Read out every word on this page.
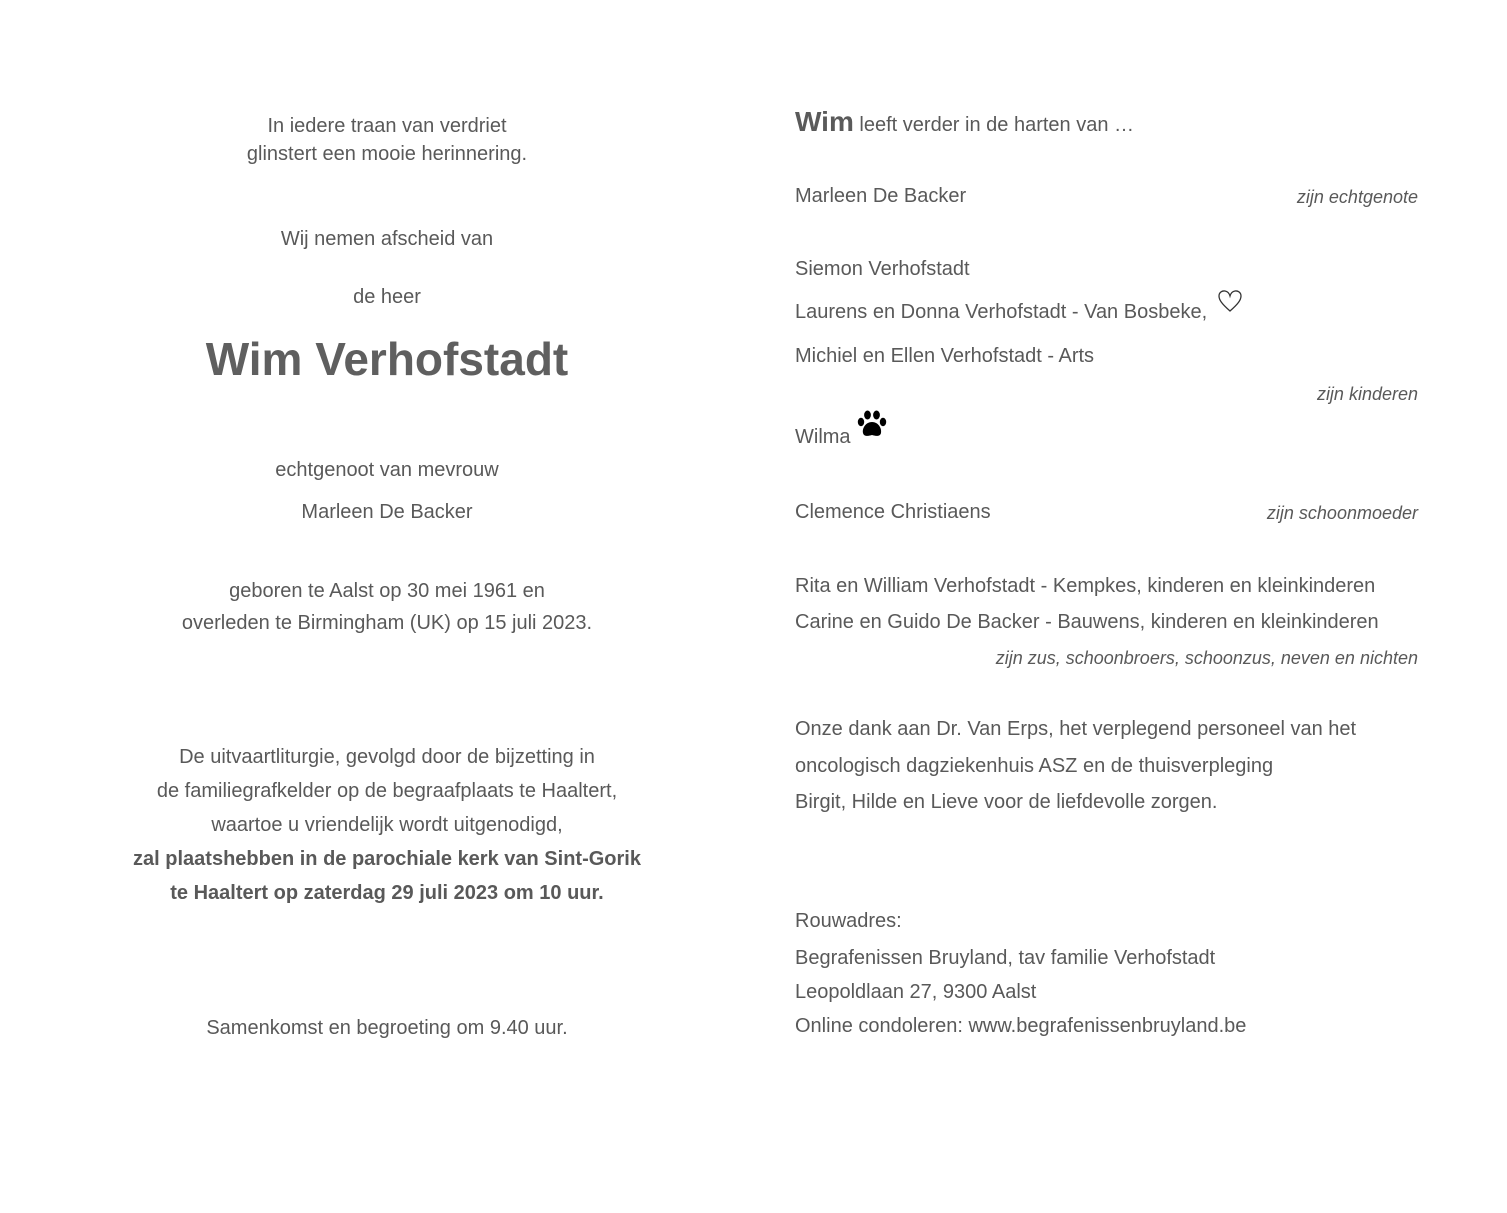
In iedere traan van verdriet
glinstert een mooie herinnering.
Wij nemen afscheid van
de heer
Wim Verhofstadt
echtgenoot van mevrouw
Marleen De Backer
geboren te Aalst op 30 mei 1961 en
overleden te Birmingham (UK) op 15 juli 2023.
De uitvaartliturgie, gevolgd door de bijzetting in
de familiegrafkelder op de begraafplaats te Haaltert,
waartoe u vriendelijk wordt uitgenodigd,
zal plaatshebben in de parochiale kerk van Sint-Gorik
te Haaltert op zaterdag 29 juli 2023 om 10 uur.
Samenkomst en begroeting om 9.40 uur.
Wim leeft verder in de harten van …
Marleen De Backer	zijn echtgenote
Siemon Verhofstadt
Laurens en Donna Verhofstadt - Van Bosbeke,
Michiel en Ellen Verhofstadt - Arts
zijn kinderen
Wilma
Clemence Christiaens	zijn schoonmoeder
Rita en William Verhofstadt - Kempkes, kinderen en kleinkinderen
Carine en Guido De Backer - Bauwens, kinderen en kleinkinderen
zijn zus, schoonbroers, schoonzus, neven en nichten
Onze dank aan Dr. Van Erps, het verplegend personeel van het
oncologisch dagziekenhuis ASZ en de thuisverpleging
Birgit, Hilde en Lieve voor de liefdevolle zorgen.
Rouwadres:
Begrafenissen Bruyland, tav familie Verhofstadt
Leopoldlaan 27, 9300 Aalst
Online condoleren: www.begrafenissenbruyland.be
